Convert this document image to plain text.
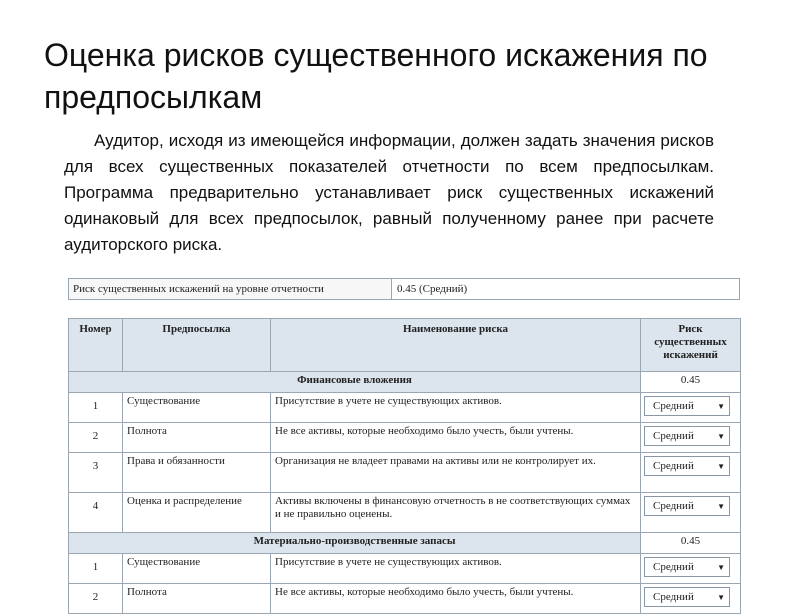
Оценка рисков существенного искажения по предпосылкам
Аудитор, исходя из имеющейся информации, должен задать значения рисков для всех существенных показателей отчетности по всем предпосылкам. Программа предварительно устанавливает риск существенных искажений одинаковый для всех предпосылок, равный полученному ранее при расчете аудиторского риска.
Риск существенных искажений на уровне отчетности	0.45 (Средний)
Номер	Предпосылка	Наименование риска	Риск существенных искажений
Финансовые вложения			0.45
1	Существование	Присутствие в учете не существующих активов.	Средний ▼

2	Полнота	Не все активы, которые необходимо было учесть, были учтены.	Средний ▼

3	Права и обязанности	Организация не владеет правами на активы или не контролирует их.	Средний ▼

4	Оценка и распределение	Активы включены в финансовую отчетность в не соответствующих суммах и не правильно оценены.	Средний ▼

Материально-производственные запасы			0.45
1	Существование	Присутствие в учете не существующих активов.	Средний ▼

2	Полнота	Не все активы, которые необходимо было учесть, были учтены.	Средний ▼
